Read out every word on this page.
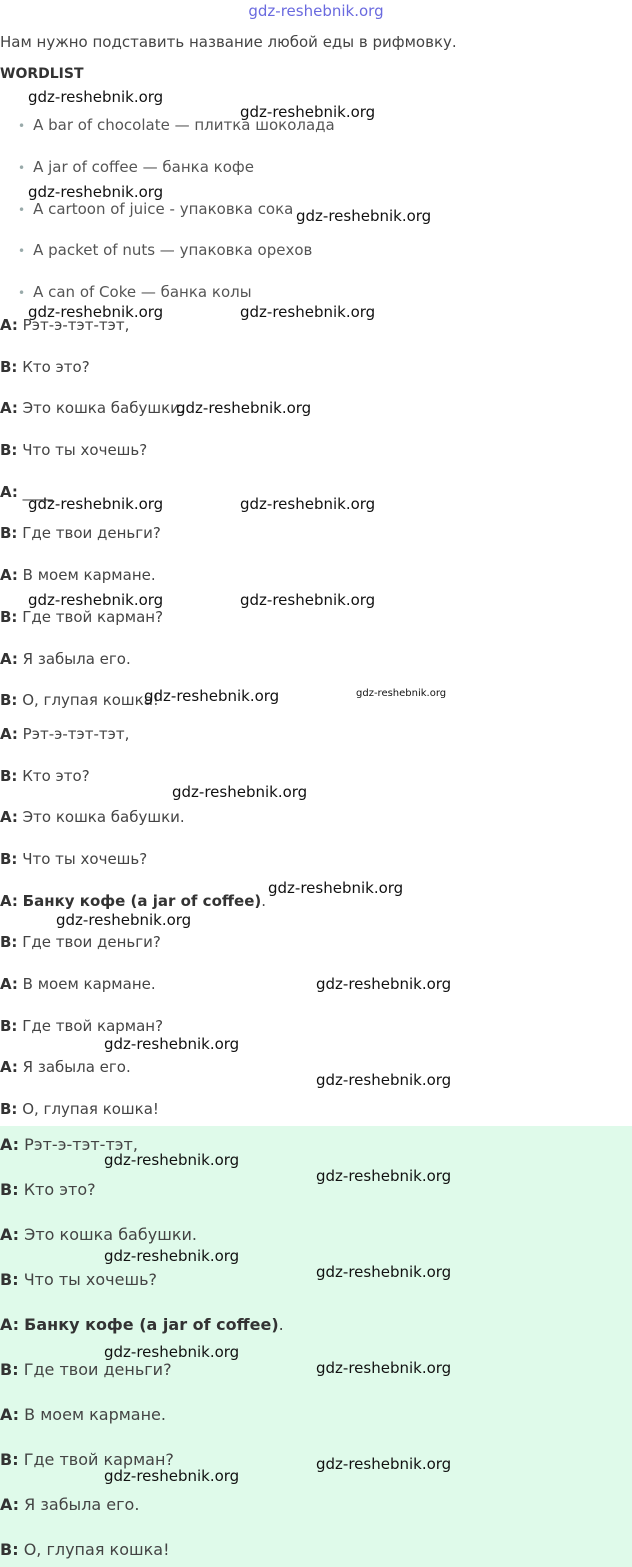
gdz-reshebnik.org
Нам нужно подставить название любой еды в рифмовку.
WORDLIST
• A bar of chocolate — плитка шоколада
• A jar of coffee — банка кофе
• A cartoon of juice - упаковка сока
• A packet of nuts — упаковка орехов
• A can of Coke — банка колы
A: Рэт-э-тэт-тэт,
B: Кто это?
A: Это кошка бабушки.
B: Что ты хочешь?
A: ____
B: Где твои деньги?
A: В моем кармане.
B: Где твой карман?
A: Я забыла его.
B: О, глупая кошка!
A: Рэт-э-тэт-тэт,
B: Кто это?
A: Это кошка бабушки.
B: Что ты хочешь?
A: Банку кофе (a jar of coffee).
B: Где твои деньги?
A: В моем кармане.
B: Где твой карман?
A: Я забыла его.
B: О, глупая кошка!
A: Рэт-э-тэт-тэт,
B: Кто это?
A: Это кошка бабушки.
B: Что ты хочешь?
A: Банку кофе (a jar of coffee).
B: Где твои деньги?
A: В моем кармане.
B: Где твой карман?
A: Я забыла его.
B: О, глупая кошка!
gdz-reshebnik.org
gdz-reshebnik.org
gdz-reshebnik.org
gdz-reshebnik.org
gdz-reshebnik.org	gdz-reshebnik.org
gdz-reshebnik.org
gdz-reshebnik.org	gdz-reshebnik.org
gdz-reshebnik.org	gdz-reshebnik.org
gdz-reshebnik.org	gdz-reshebnik.org
gdz-reshebnik.org
gdz-reshebnik.org
gdz-reshebnik.org
gdz-reshebnik.org
gdz-reshebnik.org
gdz-reshebnik.org
gdz-reshebnik.org
gdz-reshebnik.org
gdz-reshebnik.org
gdz-reshebnik.org
gdz-reshebnik.org
gdz-reshebnik.org
gdz-reshebnik.org
gdz-reshebnik.org
